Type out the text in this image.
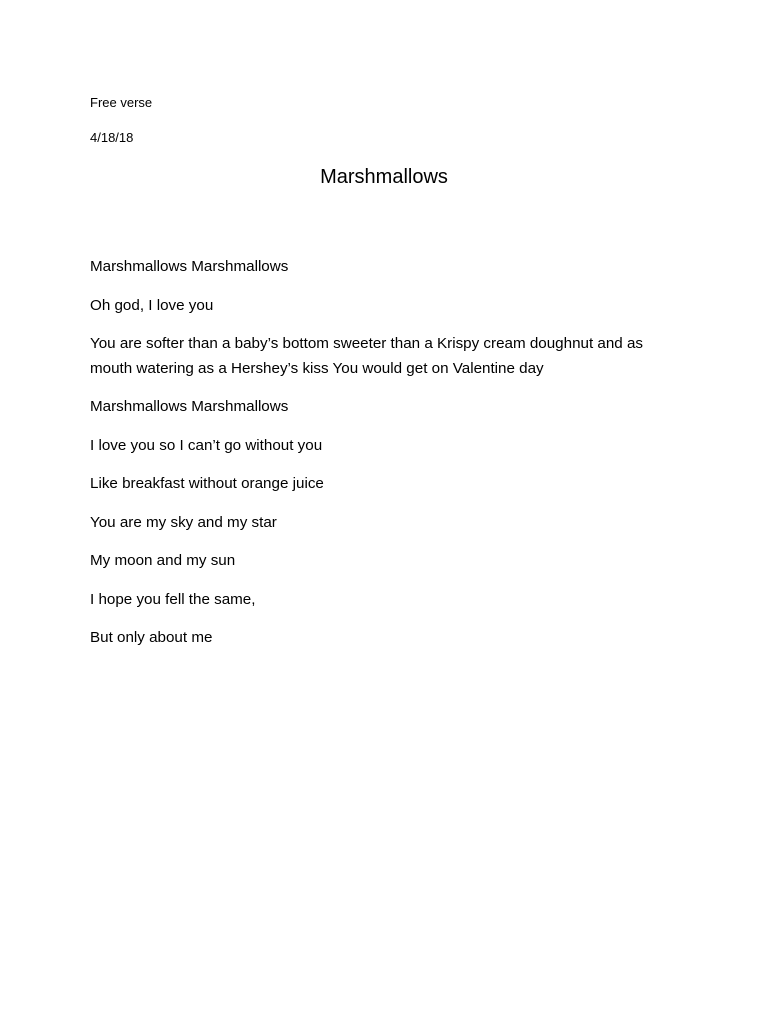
Free verse
4/18/18
Marshmallows

Marshmallows Marshmallows

Oh god, I love you

You are softer than a baby’s bottom sweeter than a Krispy cream doughnut and as mouth watering as a Hershey’s kiss You would get on Valentine day

Marshmallows Marshmallows

I love you so I can’t go without you

Like breakfast without orange juice

You are my sky and my star

My moon and my sun

I hope you fell the same,

But only about me
